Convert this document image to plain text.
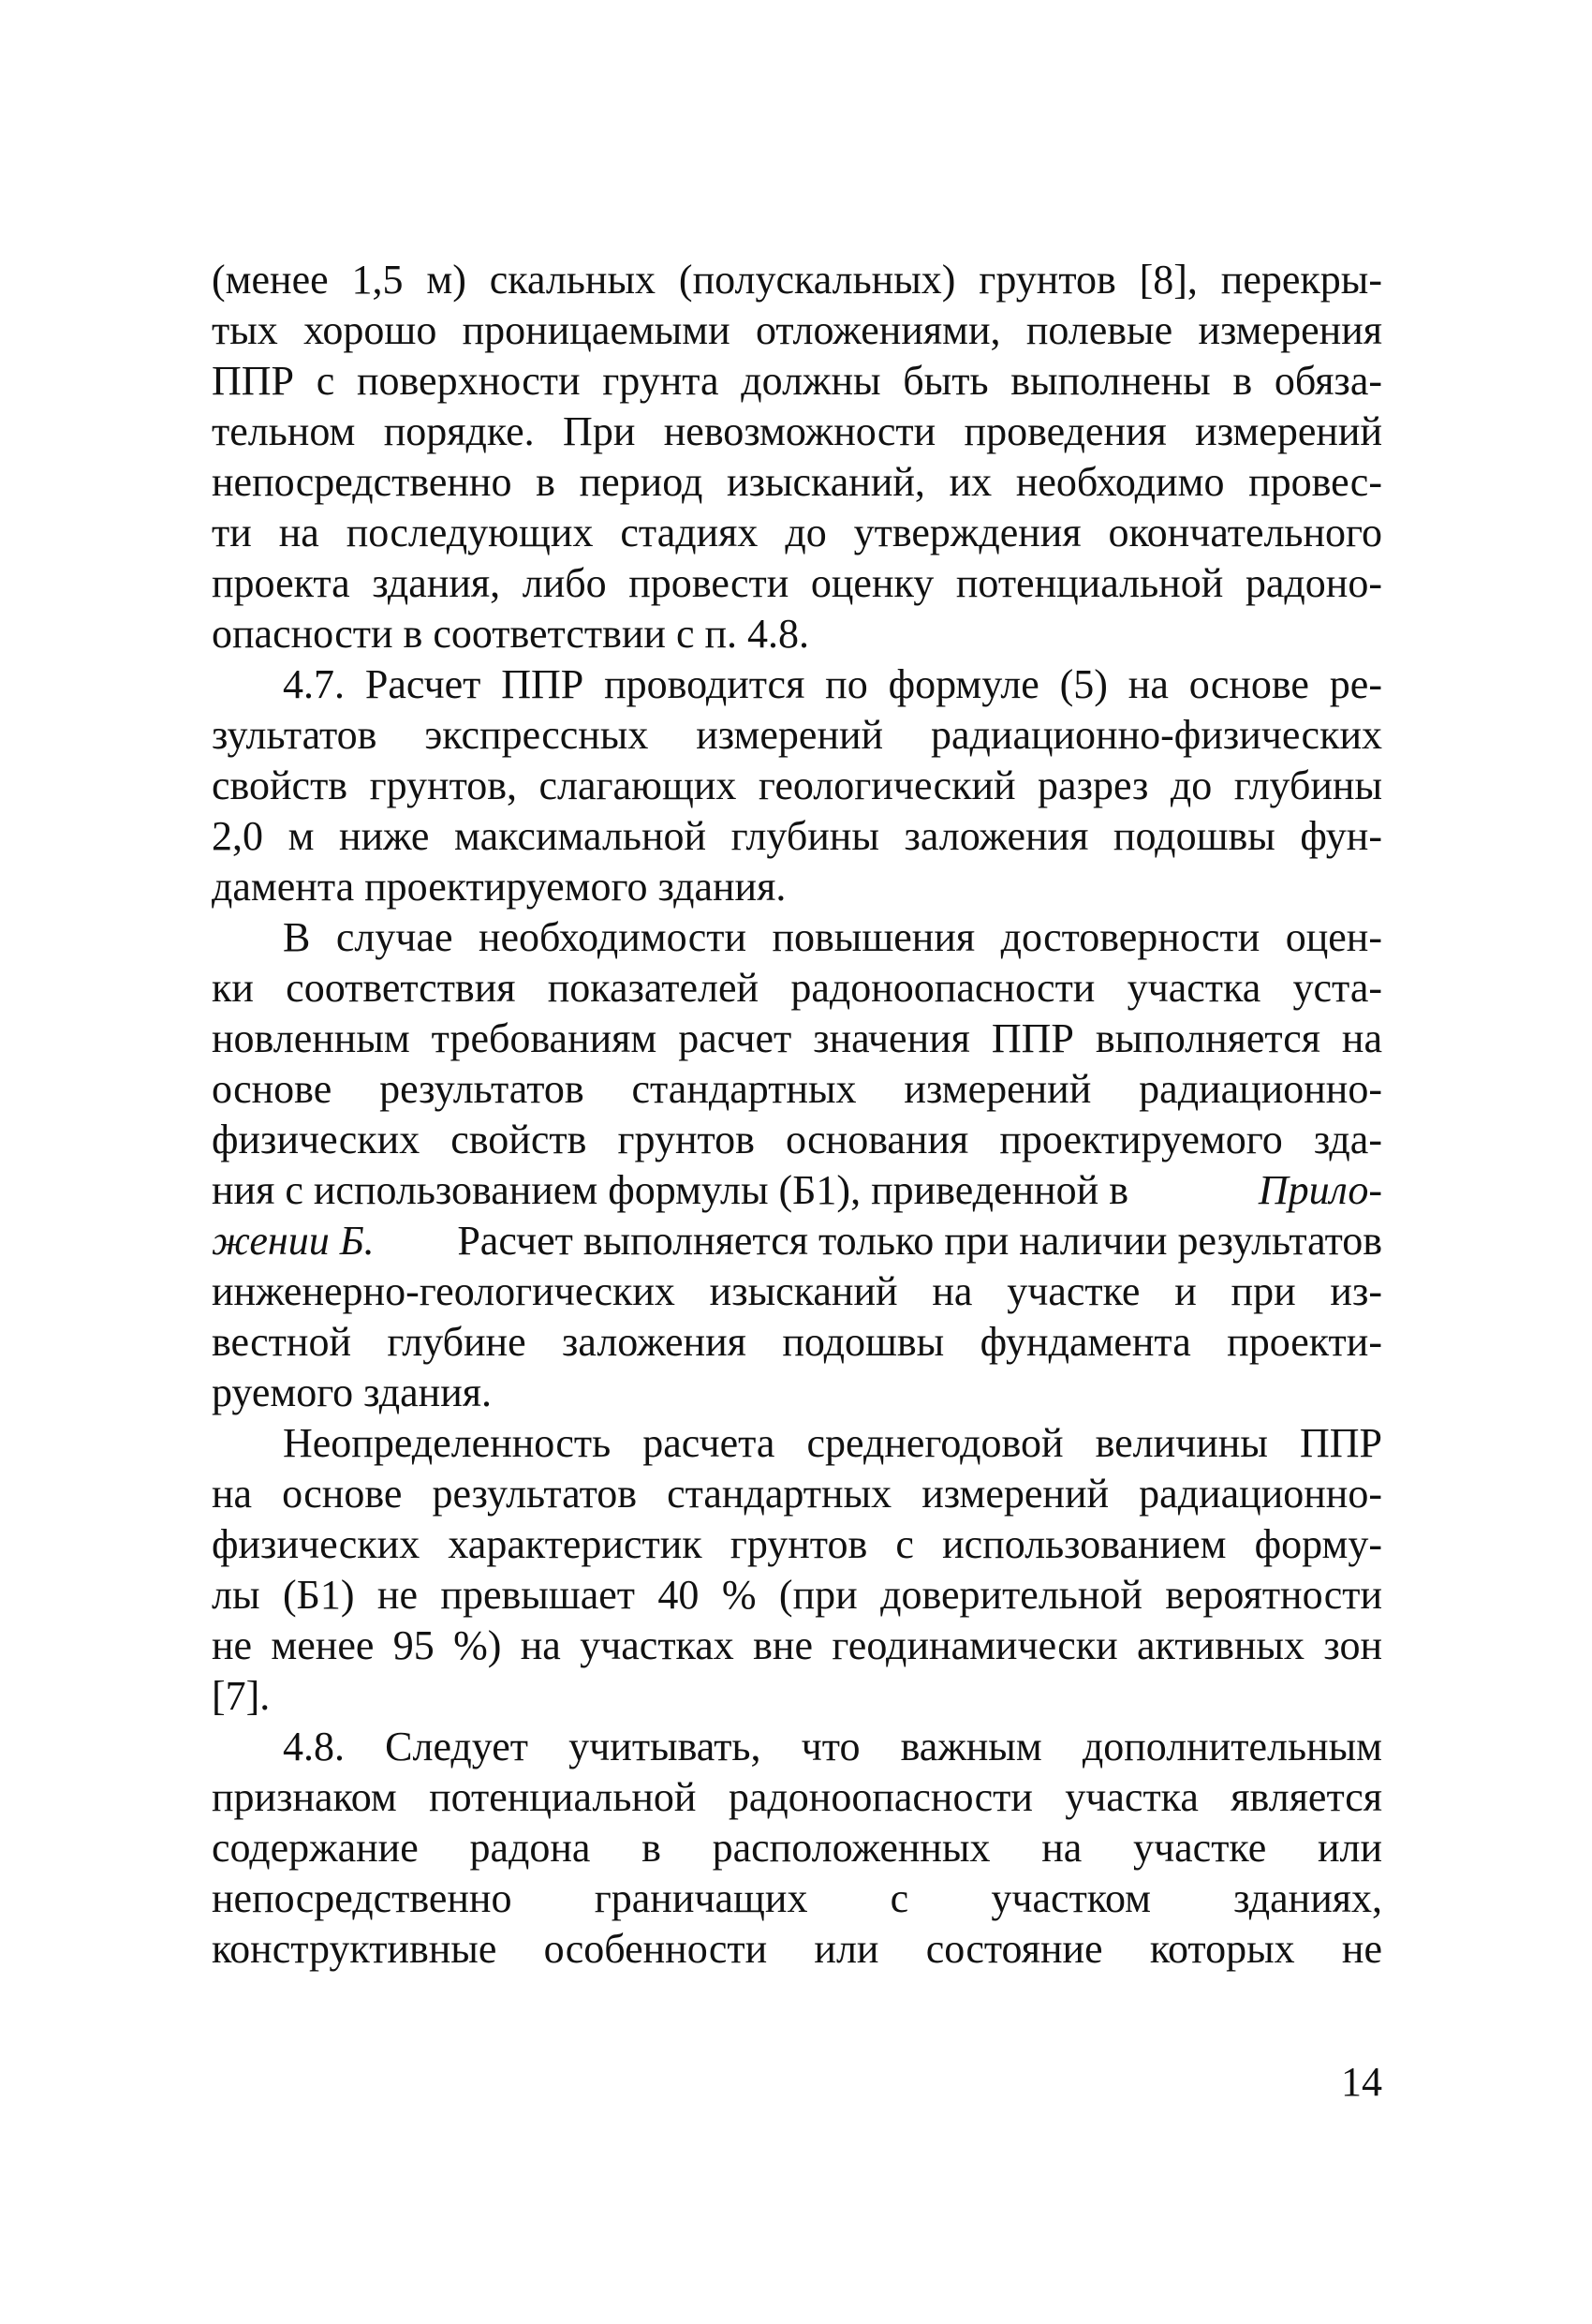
(менее 1,5 м) скальных (полускальных) грунтов [8], перекры-
тых хорошо проницаемыми отложениями, полевые измерения
ППР с поверхности грунта должны быть выполнены в обяза-
тельном порядке. При невозможности проведения измерений
непосредственно в период изысканий, их необходимо провес-
ти на последующих стадиях до утверждения окончательного
проекта здания, либо провести оценку потенциальной радоно-
опасности в соответствии с п. 4.8.
4.7. Расчет ППР проводится по формуле (5) на основе ре-
зультатов экспрессных измерений радиационно-физических
свойств грунтов, слагающих геологический разрез до глубины
2,0 м ниже максимальной глубины заложения подошвы фун-
дамента проектируемого здания.
В случае необходимости повышения достоверности оцен-
ки соответствия показателей радоноопасности участка уста-
новленным требованиям расчет значения ППР выполняется на
основе результатов стандартных измерений радиационно-
физических свойств грунтов основания проектируемого зда-
ния с использованием формулы (Б1), приведенной в	Прило-
жении Б. Расчет выполняется только при наличии результатов
инженерно-геологических изысканий на участке и при из-
вестной глубине заложения подошвы фундамента проекти-
руемого здания.
Неопределенность расчета среднегодовой величины ППР
на основе результатов стандартных измерений радиационно-
физических характеристик грунтов с использованием форму-
лы (Б1) не превышает 40 % (при доверительной вероятности
не менее 95 %) на участках вне геодинамически активных зон
[7].
4.8. Следует учитывать, что важным дополнительным
признаком потенциальной радоноопасности участка является
содержание радона в расположенных на участке или
непосредственно граничащих с участком зданиях,
конструктивные особенности или состояние которых не
14
